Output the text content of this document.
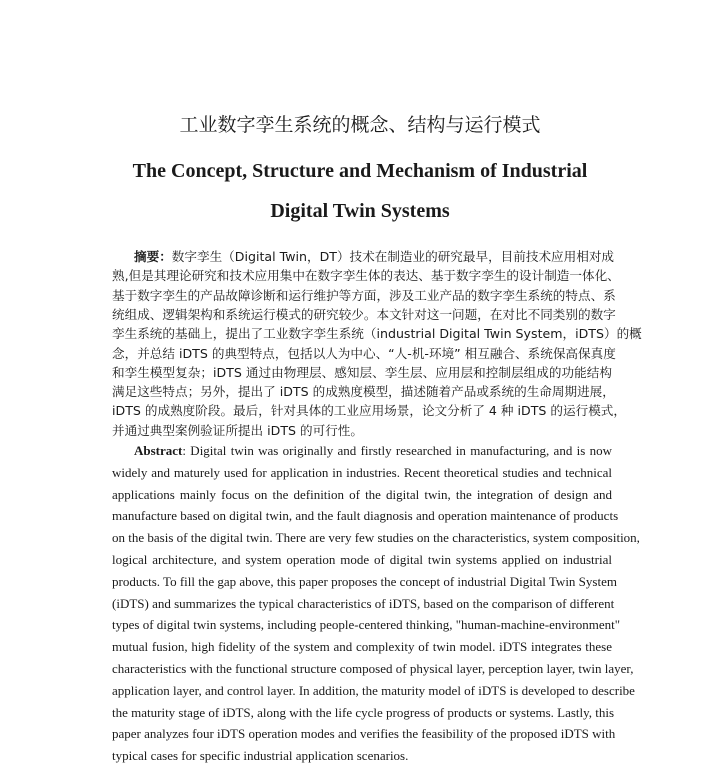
工业数字孪生系统的概念、结构与运行模式
The Concept, Structure and Mechanism of Industrial
Digital Twin Systems
摘要：数字孪生（Digital Twin，DT）技术在制造业的研究最早，目前技术应用相对成
熟,但是其理论研究和技术应用集中在数字孪生体的表达、基于数字孪生的设计制造一体化、
基于数字孪生的产品故障诊断和运行维护等方面，涉及工业产品的数字孪生系统的特点、系
统组成、逻辑架构和系统运行模式的研究较少。本文针对这一问题，在对比不同类别的数字
孪生系统的基础上，提出了工业数字孪生系统（industrial Digital Twin System，iDTS）的概
念，并总结 iDTS 的典型特点，包括以人为中心、“人-机-环境” 相互融合、系统保高保真度
和孪生模型复杂；iDTS 通过由物理层、感知层、孪生层、应用层和控制层组成的功能结构
满足这些特点；另外，提出了 iDTS 的成熟度模型，描述随着产品或系统的生命周期进展，
iDTS 的成熟度阶段。最后，针对具体的工业应用场景，论文分析了 4 种 iDTS 的运行模式，
并通过典型案例验证所提出 iDTS 的可行性。
Abstract: Digital twin was originally and firstly researched in manufacturing, and is now
widely and maturely used for application in industries. Recent theoretical studies and technical
applications mainly focus on the definition of the digital twin, the integration of design and
manufacture based on digital twin, and the fault diagnosis and operation maintenance of products
on the basis of the digital twin. There are very few studies on the characteristics, system composition,
logical architecture, and system operation mode of digital twin systems applied on industrial
products. To fill the gap above, this paper proposes the concept of industrial Digital Twin System
(iDTS) and summarizes the typical characteristics of iDTS, based on the comparison of different
types of digital twin systems, including people-centered thinking, "human-machine-environment"
mutual fusion, high fidelity of the system and complexity of twin model. iDTS integrates these
characteristics with the functional structure composed of physical layer, perception layer, twin layer,
application layer, and control layer. In addition, the maturity model of iDTS is developed to describe
the maturity stage of iDTS, along with the life cycle progress of products or systems. Lastly, this
paper analyzes four iDTS operation modes and verifies the feasibility of the proposed iDTS with
typical cases for specific industrial application scenarios.
